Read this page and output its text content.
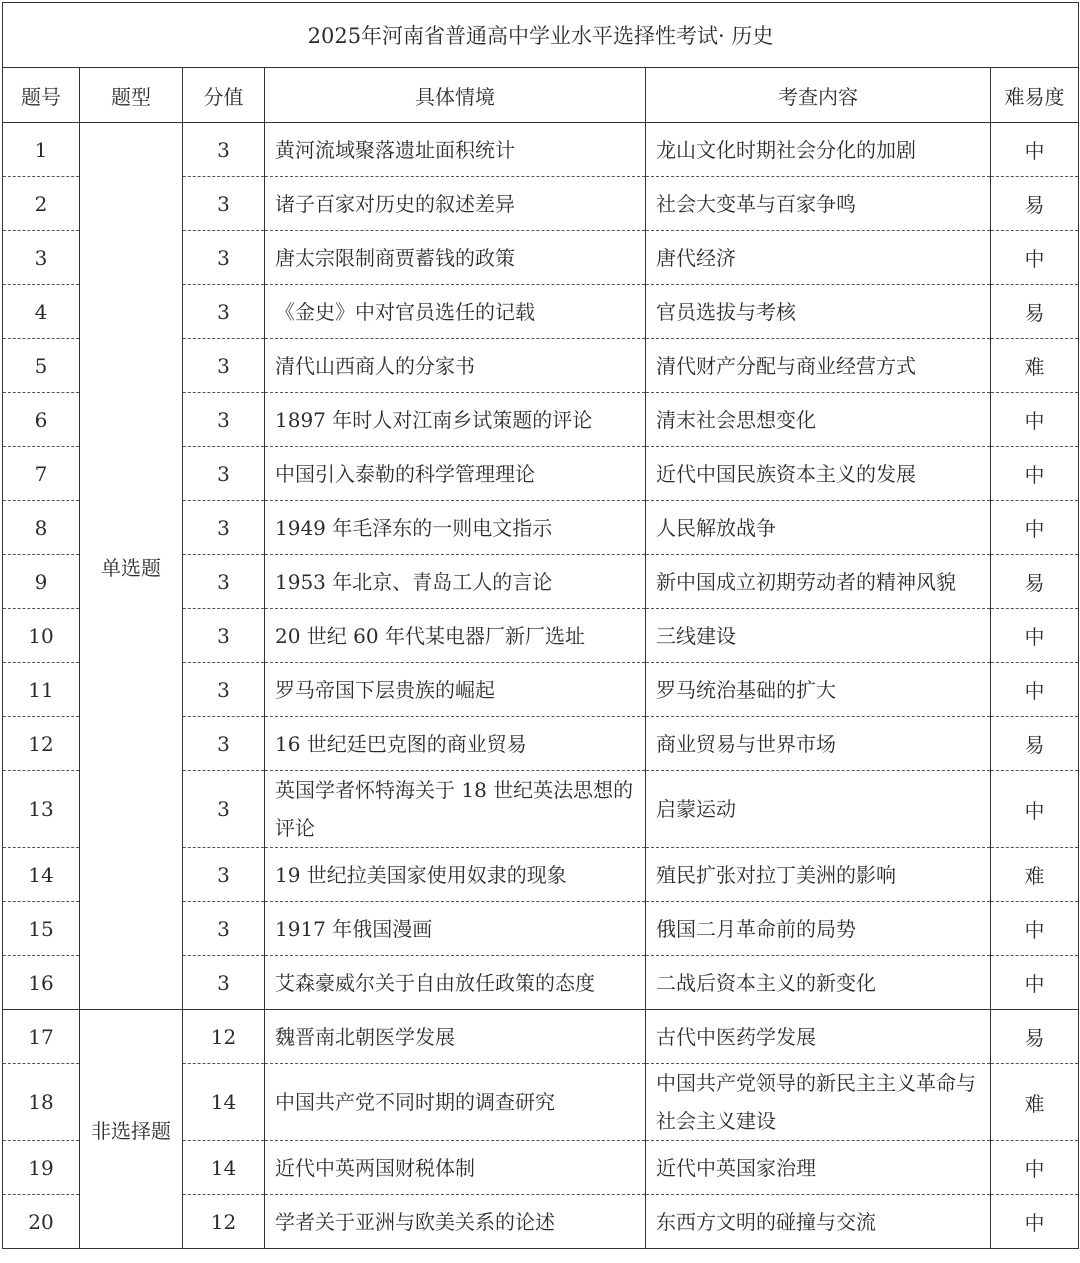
2025年河南省普通高中学业水平选择性考试· 历史					
题号	题型	分值	具体情境	考查内容	难易度
1	单选题	3	黄河流域聚落遗址面积统计	龙山文化时期社会分化的加剧	中
2		3	诸子百家对历史的叙述差异	社会大变革与百家争鸣	易
3		3	唐太宗限制商贾蓄钱的政策	唐代经济	中
4		3	《金史》中对官员选任的记载	官员选拔与考核	易
5		3	清代山西商人的分家书	清代财产分配与商业经营方式	难
6		3	1897 年时人对江南乡试策题的评论	清末社会思想变化	中
7		3	中国引入泰勒的科学管理理论	近代中国民族资本主义的发展	中
8		3	1949 年毛泽东的一则电文指示	人民解放战争	中
9		3	1953 年北京、青岛工人的言论	新中国成立初期劳动者的精神风貌	易
10		3	20 世纪 60 年代某电器厂新厂选址	三线建设	中
11		3	罗马帝国下层贵族的崛起	罗马统治基础的扩大	中
12		3	16 世纪廷巴克图的商业贸易	商业贸易与世界市场	易
13		3	英国学者怀特海关于 18 世纪英法思想的评论	启蒙运动	中
14		3	19 世纪拉美国家使用奴隶的现象	殖民扩张对拉丁美洲的影响	难
15		3	1917 年俄国漫画	俄国二月革命前的局势	中
16		3	艾森豪威尔关于自由放任政策的态度	二战后资本主义的新变化	中
17	非选择题	12	魏晋南北朝医学发展	古代中医药学发展	易
18		14	中国共产党不同时期的调查研究	中国共产党领导的新民主主义革命与社会主义建设	难
19		14	近代中英两国财税体制	近代中英国家治理	中
20		12	学者关于亚洲与欧美关系的论述	东西方文明的碰撞与交流	中
